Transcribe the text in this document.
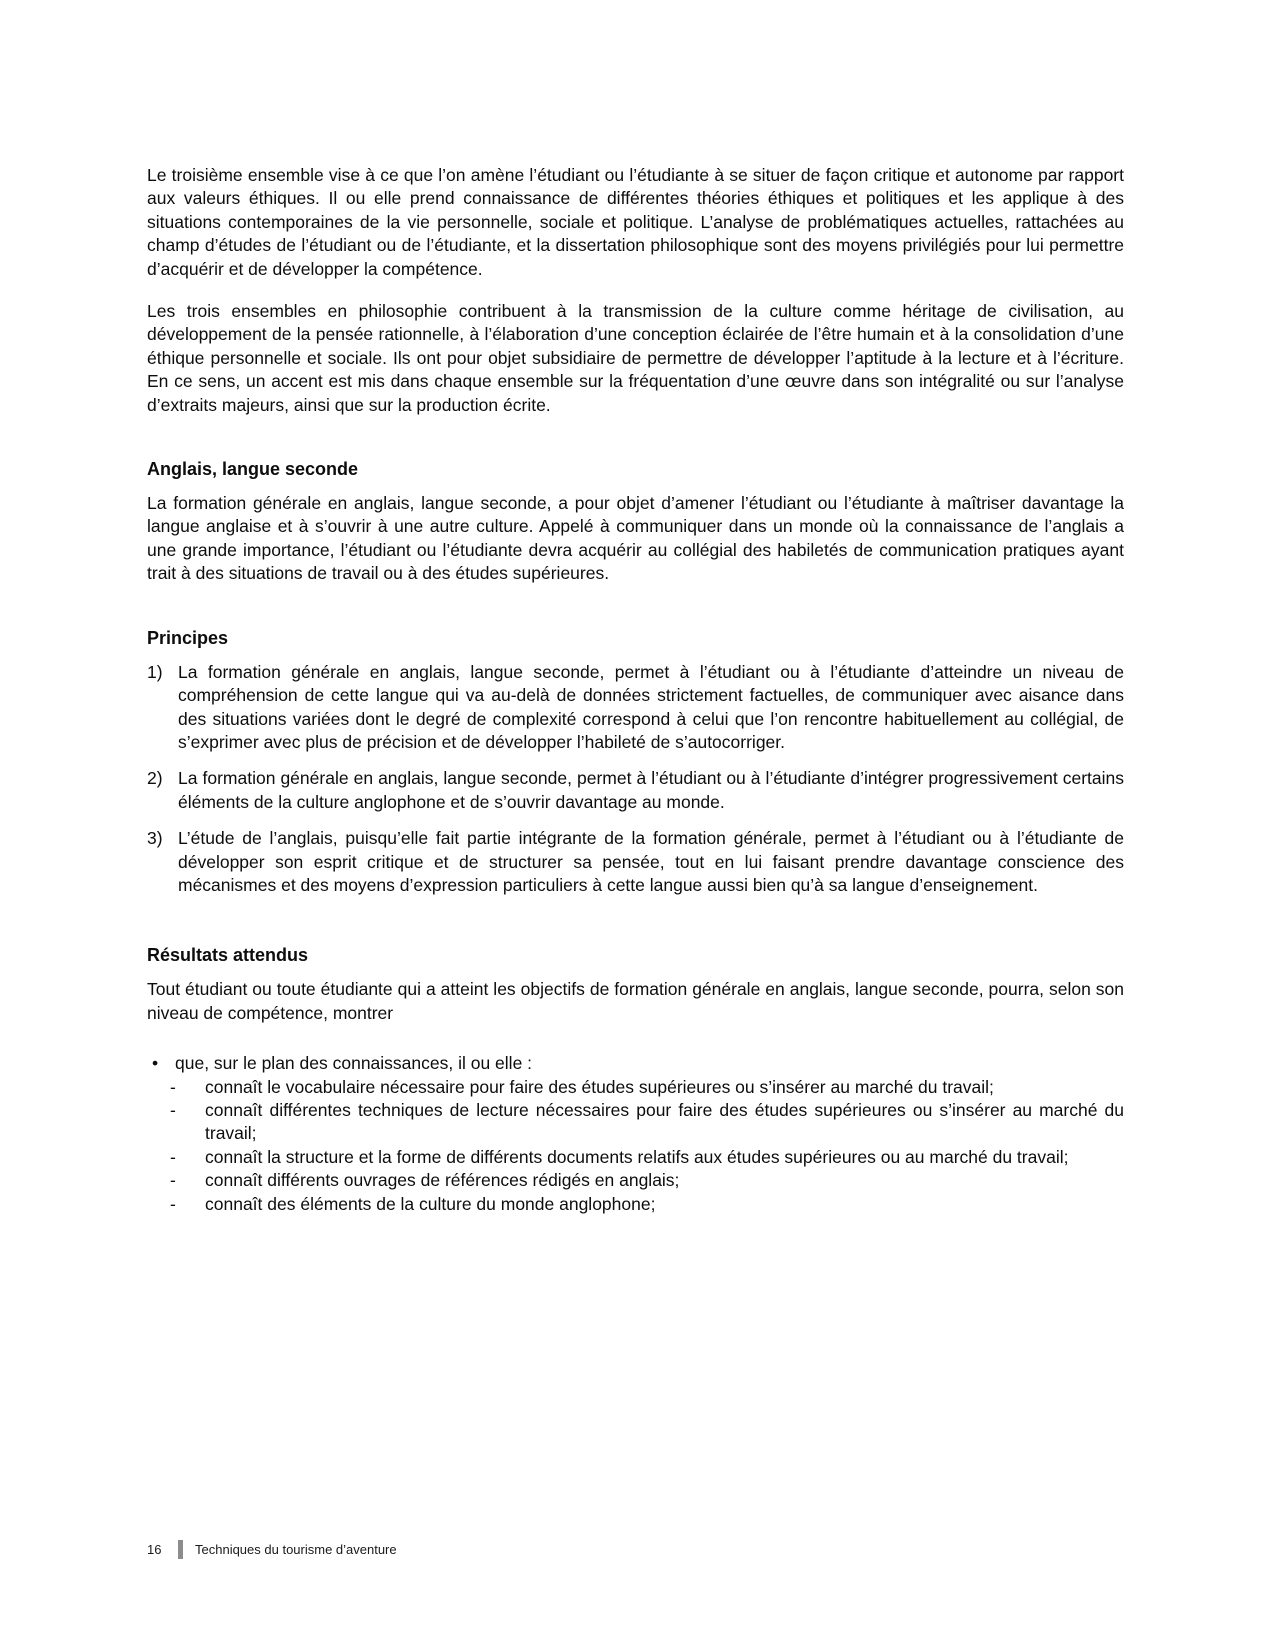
Le troisième ensemble vise à ce que l’on amène l’étudiant ou l’étudiante à se situer de façon critique et autonome par rapport aux valeurs éthiques. Il ou elle prend connaissance de différentes théories éthiques et politiques et les applique à des situations contemporaines de la vie personnelle, sociale et politique. L’analyse de problématiques actuelles, rattachées au champ d’études de l’étudiant ou de l’étudiante, et la dissertation philosophique sont des moyens privilégiés pour lui permettre d’acquérir et de développer la compétence.

Les trois ensembles en philosophie contribuent à la transmission de la culture comme héritage de civilisation, au développement de la pensée rationnelle, à l’élaboration d’une conception éclairée de l’être humain et à la consolidation d’une éthique personnelle et sociale. Ils ont pour objet subsidiaire de permettre de développer l’aptitude à la lecture et à l’écriture. En ce sens, un accent est mis dans chaque ensemble sur la fréquentation d’une œuvre dans son intégralité ou sur l’analyse d’extraits majeurs, ainsi que sur la production écrite.

Anglais, langue seconde

La formation générale en anglais, langue seconde, a pour objet d’amener l’étudiant ou l’étudiante à maîtriser davantage la langue anglaise et à s’ouvrir à une autre culture. Appelé à communiquer dans un monde où la connaissance de l’anglais a une grande importance, l’étudiant ou l’étudiante devra acquérir au collégial des habiletés de communication pratiques ayant trait à des situations de travail ou à des études supérieures.

Principes
1) La formation générale en anglais, langue seconde, permet à l’étudiant ou à l’étudiante d’atteindre un niveau de compréhension de cette langue qui va au-delà de données strictement factuelles, de communiquer avec aisance dans des situations variées dont le degré de complexité correspond à celui que l’on rencontre habituellement au collégial, de s’exprimer avec plus de précision et de développer l’habileté de s’autocorriger.
2) La formation générale en anglais, langue seconde, permet à l’étudiant ou à l’étudiante d’intégrer progressivement certains éléments de la culture anglophone et de s’ouvrir davantage au monde.
3) L’étude de l’anglais, puisqu’elle fait partie intégrante de la formation générale, permet à l’étudiant ou à l’étudiante de développer son esprit critique et de structurer sa pensée, tout en lui faisant prendre davantage conscience des mécanismes et des moyens d’expression particuliers à cette langue aussi bien qu’à sa langue d’enseignement.
Résultats attendus

Tout étudiant ou toute étudiante qui a atteint les objectifs de formation générale en anglais, langue seconde, pourra, selon son niveau de compétence, montrer

• que, sur le plan des connaissances, il ou elle :
-	connaît le vocabulaire nécessaire pour faire des études supérieures ou s’insérer au marché du travail;
-	connaît différentes techniques de lecture nécessaires pour faire des études supérieures ou s’insérer au marché du travail;
-	connaît la structure et la forme de différents documents relatifs aux études supérieures ou au marché du travail;
-	connaît différents ouvrages de références rédigés en anglais;
-	connaît des éléments de la culture du monde anglophone;
16	Techniques du tourisme d’aventure
